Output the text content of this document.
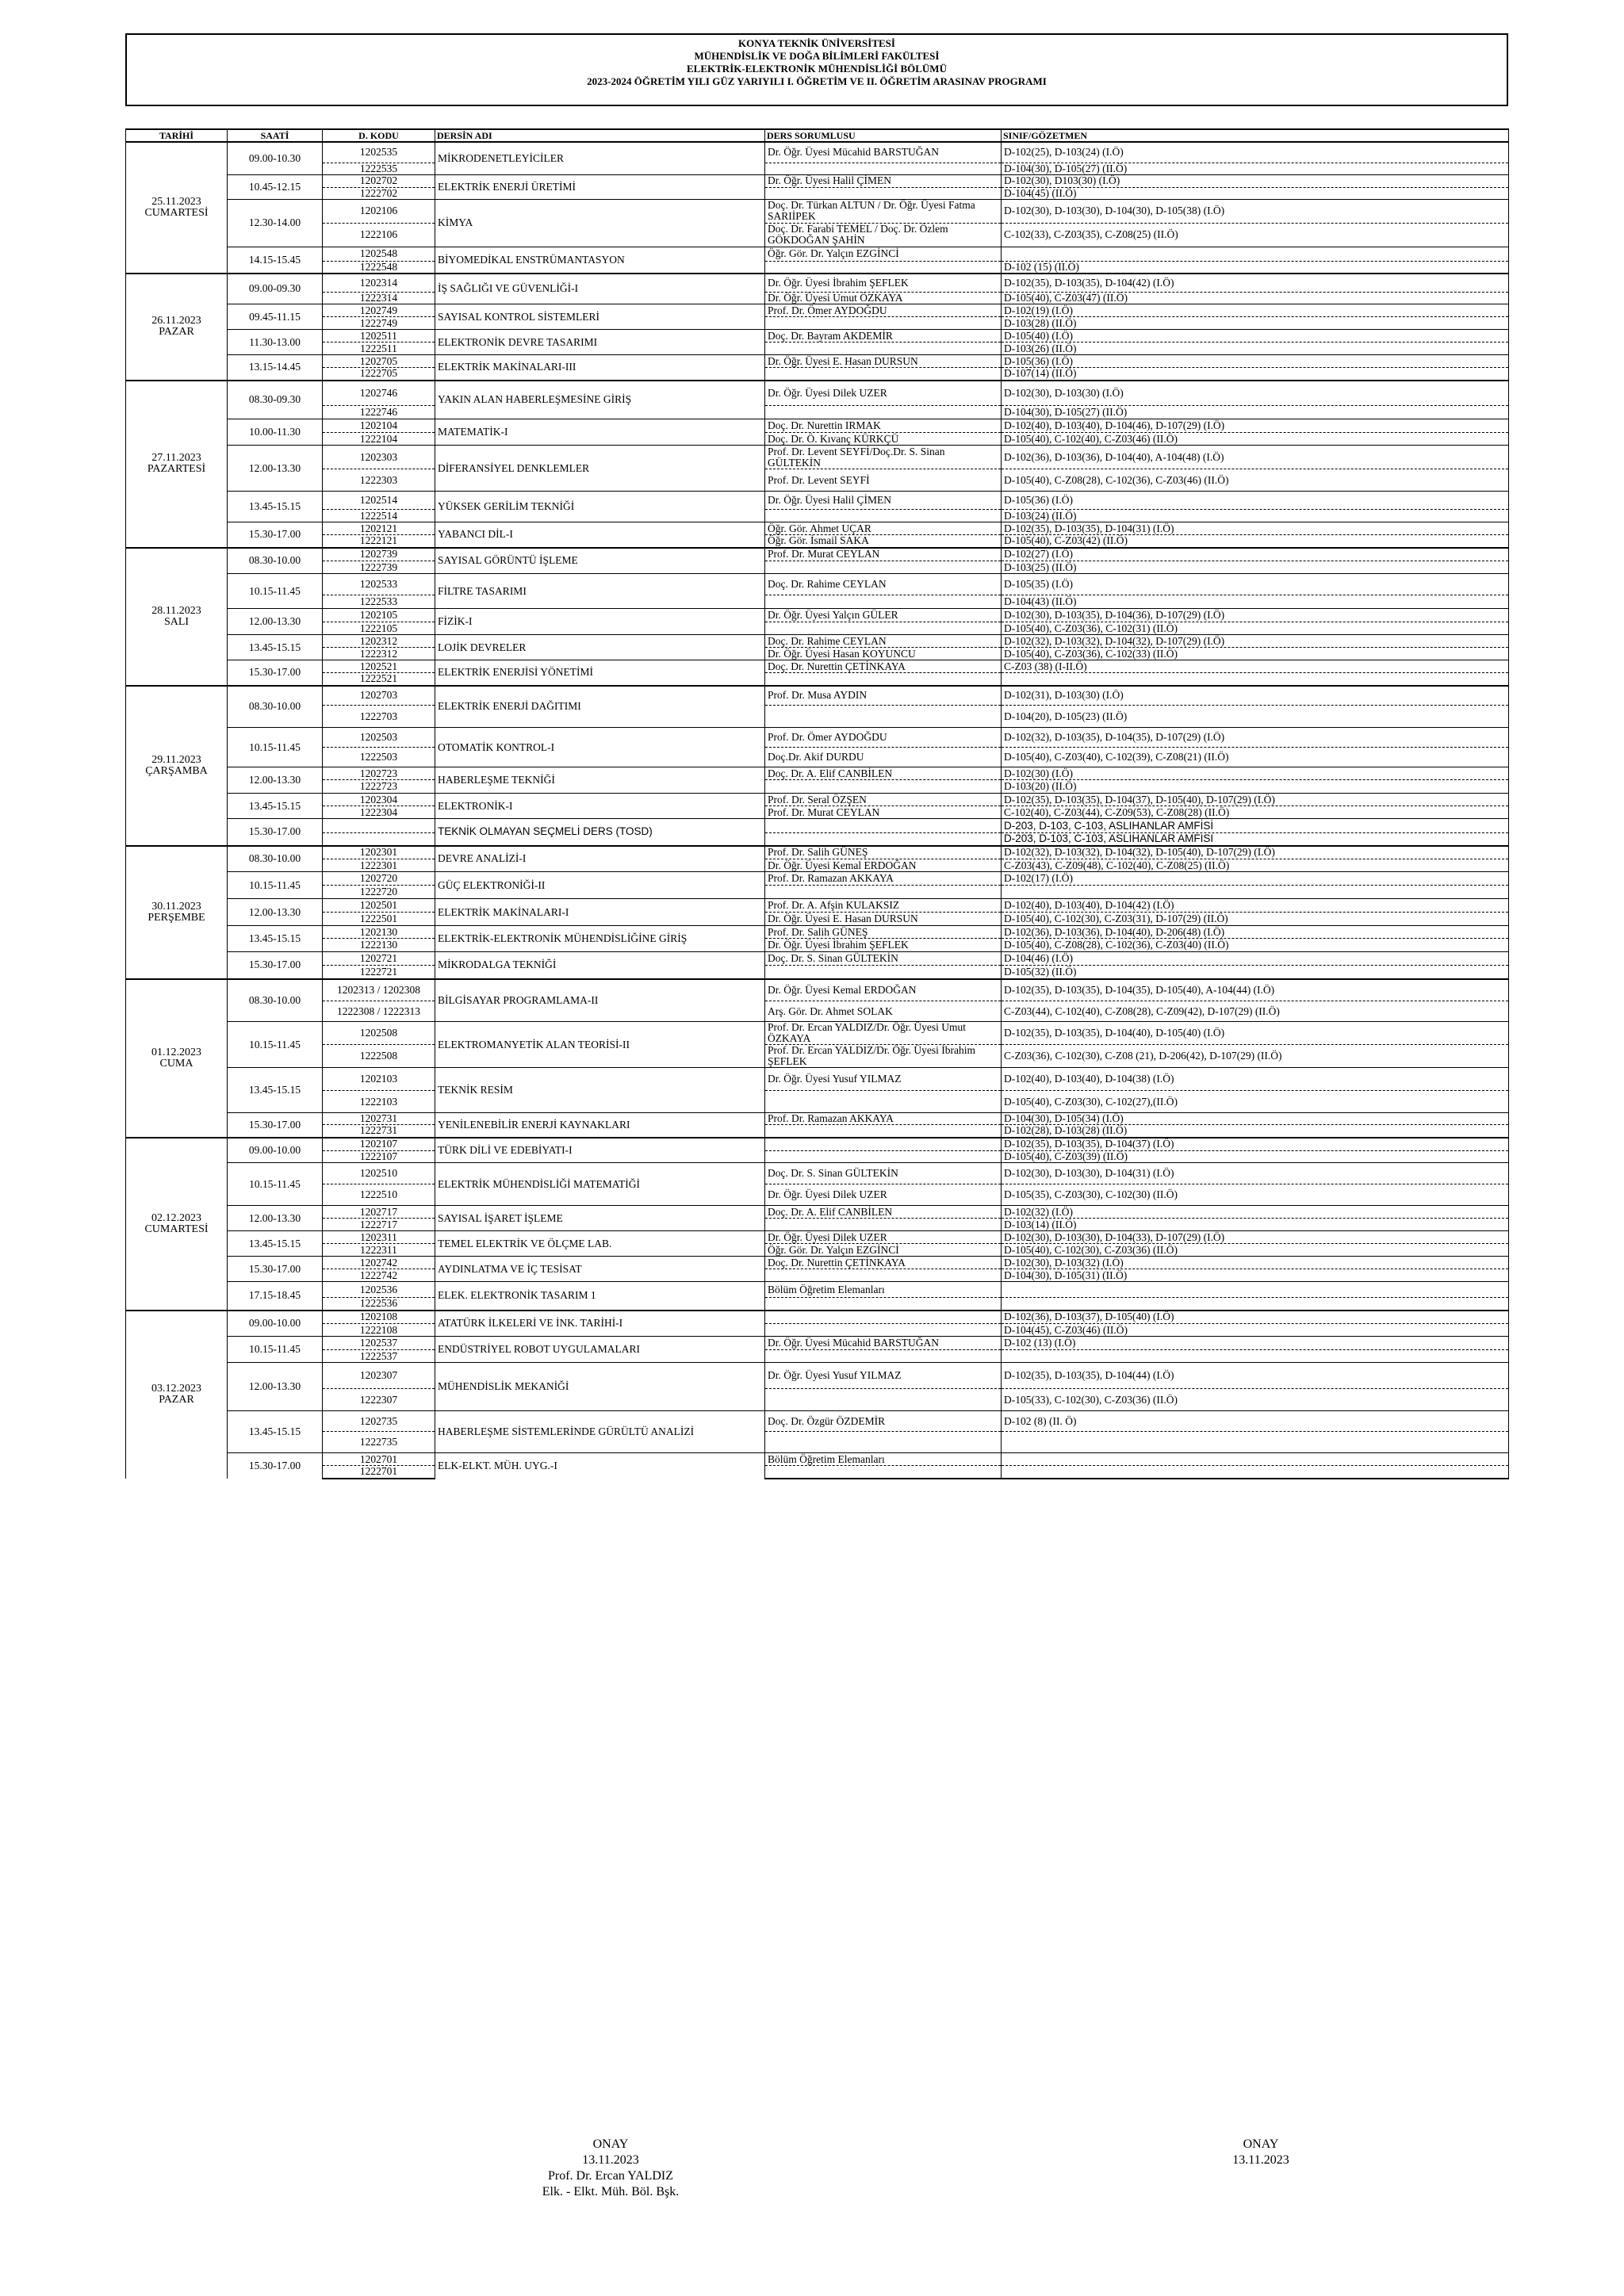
KONYA TEKNİK ÜNİVERSİTESİ
MÜHENDİSLİK VE DOĞA BİLİMLERİ FAKÜLTESİ
ELEKTRİK-ELEKTRONİK MÜHENDİSLİĞİ BÖLÜMÜ
2023-2024 ÖĞRETİM YILI GÜZ YARIYILI I. ÖĞRETİM VE II. ÖĞRETİM ARASINAV PROGRAMI
TARİHİ	SAATİ	D. KODU	DERSİN ADI	DERS SORUMLUSU	SINIF/GÖZETMEN

25.11.2023
CUMARTESİ	09.00-10.30	1202535	MİKRODENETLEYİCİLER	Dr. Öğr. Üyesi Mücahid BARSTUĞAN	D-102(25), D-103(24) (I.Ö)
		1222535			D-104(30), D-105(27) (II.Ö)
	10.45-12.15	1202702	ELEKTRİK ENERJİ ÜRETİMİ	Dr. Öğr. Üyesi Halil ÇİMEN	D-102(30), D103(30) (I.Ö)
		1222702			D-104(45) (II.Ö)
	12.30-14.00	1202106	KİMYA	Doç. Dr. Türkan ALTUN / Dr. Öğr. Üyesi Fatma SARIİPEK	D-102(30), D-103(30), D-104(30), D-105(38) (I.Ö)
		1222106		Doç. Dr. Farabi TEMEL / Doç. Dr. Özlem GÖKDOĞAN ŞAHİN	C-102(33), C-Z03(35), C-Z08(25) (II.Ö)
	14.15-15.45	1202548	BİYOMEDİKAL ENSTRÜMANTASYON	Öğr. Gör. Dr. Yalçın EZGİNCİ	
		1222548			D-102 (15) (II.Ö)

26.11.2023
PAZAR	09.00-09.30	1202314	İŞ SAĞLIĞI VE GÜVENLİĞİ-I	Dr. Öğr. Üyesi İbrahim ŞEFLEK	D-102(35), D-103(35), D-104(42) (I.Ö)
		1222314		Dr. Öğr. Üyesi Umut ÖZKAYA	D-105(40), C-Z03(47) (II.Ö)
	09.45-11.15	1202749	SAYISAL KONTROL SİSTEMLERİ	Prof. Dr. Ömer AYDOĞDU	D-102(19) (I.Ö)
		1222749			D-103(28) (II.Ö)
	11.30-13.00	1202511	ELEKTRONİK DEVRE TASARIMI	Doç. Dr. Bayram AKDEMİR	D-105(40) (I.Ö)
		1222511			D-103(26) (II.Ö)
	13.15-14.45	1202705	ELEKTRİK MAKİNALARI-III	Dr. Öğr. Üyesi E. Hasan DURSUN	D-105(36) (I.Ö)
		1222705			D-107(14) (II.Ö)

27.11.2023
PAZARTESİ	08.30-09.30	1202746	YAKIN ALAN HABERLEŞMESİNE GİRİŞ	Dr. Öğr. Üyesi Dilek UZER	D-102(30), D-103(30) (I.Ö)
		1222746			D-104(30), D-105(27) (II.Ö)
	10.00-11.30	1202104	MATEMATİK-I	Doç. Dr. Nurettin IRMAK	D-102(40), D-103(40), D-104(46), D-107(29) (I.Ö)
		1222104		Doç. Dr. Ö. Kıvanç KÜRKÇÜ	D-105(40), C-102(40), C-Z03(46) (II.Ö)
	12.00-13.30	1202303	DİFERANSİYEL DENKLEMLER	Prof. Dr. Levent SEYFİ/Doç.Dr. S. Sinan GÜLTEKİN	D-102(36), D-103(36), D-104(40), A-104(48) (I.Ö)
		1222303		Prof. Dr. Levent SEYFİ	D-105(40), C-Z08(28), C-102(36), C-Z03(46) (II.Ö)
	13.45-15.15	1202514	YÜKSEK GERİLİM TEKNİĞİ	Dr. Öğr. Üyesi Halil ÇİMEN	D-105(36) (I.Ö)
		1222514			D-103(24) (II.Ö)
	15.30-17.00	1202121	YABANCI DİL-I	Öğr. Gör. Ahmet UÇAR	D-102(35), D-103(35), D-104(31) (I.Ö)
		1222121		Öğr. Gör. İsmail SAKA	D-105(40), C-Z03(42) (II.Ö)

28.11.2023
SALI	08.30-10.00	1202739	SAYISAL GÖRÜNTÜ İŞLEME	Prof. Dr. Murat CEYLAN	D-102(27) (I.Ö)
		1222739			D-103(25) (II.Ö)
	10.15-11.45	1202533	FİLTRE TASARIMI	Doç. Dr. Rahime CEYLAN	D-105(35) (I.Ö)
		1222533			D-104(43) (II.Ö)
	12.00-13.30	1202105	FİZİK-I	Dr. Öğr. Üyesi Yalçın GÜLER	D-102(30), D-103(35), D-104(36), D-107(29) (I.Ö)
		1222105			D-105(40), C-Z03(36), C-102(31) (II.Ö)
	13.45-15.15	1202312	LOJİK DEVRELER	Doç. Dr. Rahime CEYLAN	D-102(32), D-103(32), D-104(32), D-107(29) (I.Ö)
		1222312		Dr. Öğr. Üyesi Hasan KOYUNCU	D-105(40), C-Z03(36), C-102(33) (II.Ö)
	15.30-17.00	1202521	ELEKTRİK ENERJİSİ YÖNETİMİ	Doç. Dr. Nurettin ÇETİNKAYA	C-Z03 (38) (I-II.Ö)
		1222521			

29.11.2023
ÇARŞAMBA	08.30-10.00	1202703	ELEKTRİK ENERJİ DAĞITIMI	Prof. Dr. Musa AYDIN	D-102(31), D-103(30) (I.Ö)
		1222703			D-104(20), D-105(23) (II.Ö)
	10.15-11.45	1202503	OTOMATİK KONTROL-I	Prof. Dr. Ömer AYDOĞDU	D-102(32), D-103(35), D-104(35), D-107(29) (I.Ö)
		1222503		Doç.Dr. Akif DURDU	D-105(40), C-Z03(40), C-102(39), C-Z08(21) (II.Ö)
	12.00-13.30	1202723	HABERLEŞME TEKNİĞİ	Doç. Dr. A. Elif CANBİLEN	D-102(30) (I.Ö)
		1222723			D-103(20) (II.Ö)
	13.45-15.15	1202304	ELEKTRONİK-I	Prof. Dr. Seral ÖZŞEN	D-102(35), D-103(35), D-104(37), D-105(40), D-107(29) (I.Ö)
		1222304		Prof. Dr. Murat CEYLAN	C-102(40), C-Z03(44), C-Z09(53), C-Z08(28) (II.Ö)
	15.30-17.00		TEKNİK OLMAYAN SEÇMELİ DERS (TOSD)		D-203, D-103, C-103, ASLIHANLAR AMFİSİ
					D-203, D-103, C-103, ASLIHANLAR AMFİSİ

30.11.2023
PERŞEMBE	08.30-10.00	1202301	DEVRE ANALİZİ-I	Prof. Dr. Salih GÜNEŞ	D-102(32), D-103(32), D-104(32), D-105(40), D-107(29) (I.Ö)
		1222301		Dr. Öğr. Üyesi Kemal ERDOĞAN	C-Z03(43), C-Z09(48), C-102(40), C-Z08(25) (II.Ö)
	10.15-11.45	1202720	GÜÇ ELEKTRONİĞİ-II	Prof. Dr. Ramazan AKKAYA	D-102(17) (I.Ö)
		1222720			
	12.00-13.30	1202501	ELEKTRİK MAKİNALARI-I	Prof. Dr. A. Afşin KULAKSIZ	D-102(40), D-103(40), D-104(42) (I.Ö)
		1222501		Dr. Öğr. Üyesi E. Hasan DURSUN	D-105(40), C-102(30), C-Z03(31), D-107(29) (II.Ö)
	13.45-15.15	1202130	ELEKTRİK-ELEKTRONİK MÜHENDİSLİĞİNE GİRİŞ	Prof. Dr. Salih GÜNEŞ	D-102(36), D-103(36), D-104(40), D-206(48) (I.Ö)
		1222130		Dr. Öğr. Üyesi İbrahim ŞEFLEK	D-105(40), C-Z08(28), C-102(36), C-Z03(40) (II.Ö)
	15.30-17.00	1202721	MİKRODALGA TEKNİĞİ	Doç. Dr. S. Sinan GÜLTEKİN	D-104(46) (I.Ö)
		1222721			D-105(32) (II.Ö)

01.12.2023
CUMA	08.30-10.00	1202313 / 1202308	BİLGİSAYAR PROGRAMLAMA-II	Dr. Öğr. Üyesi Kemal ERDOĞAN	D-102(35), D-103(35), D-104(35), D-105(40), A-104(44) (I.Ö)
		1222308 / 1222313		Arş. Gör. Dr. Ahmet SOLAK	C-Z03(44), C-102(40), C-Z08(28), C-Z09(42), D-107(29) (II.Ö)
	10.15-11.45	1202508	ELEKTROMANYETİK ALAN TEORİSİ-II	Prof. Dr. Ercan YALDIZ/Dr. Öğr. Üyesi Umut ÖZKAYA	D-102(35), D-103(35), D-104(40), D-105(40) (I.Ö)
		1222508		Prof. Dr. Ercan YALDIZ/Dr. Öğr. Üyesi İbrahim ŞEFLEK	C-Z03(36), C-102(30), C-Z08 (21), D-206(42), D-107(29) (II.Ö)
	13.45-15.15	1202103	TEKNİK RESİM	Dr. Öğr. Üyesi Yusuf YILMAZ	D-102(40), D-103(40), D-104(38) (I.Ö)
		1222103			D-105(40), C-Z03(30), C-102(27),(II.Ö)
	15.30-17.00	1202731	YENİLENEBİLİR ENERJİ KAYNAKLARI	Prof. Dr. Ramazan AKKAYA	D-104(30), D-105(34) (I.Ö)
		1222731			D-102(28), D-103(28) (II.Ö)

02.12.2023
CUMARTESİ	09.00-10.00	1202107	TÜRK DİLİ VE EDEBİYATI-I		D-102(35), D-103(35), D-104(37) (I.Ö)
		1222107			D-105(40), C-Z03(39) (II.Ö)
	10.15-11.45	1202510	ELEKTRİK MÜHENDİSLİĞİ MATEMATİĞİ	Doç. Dr. S. Sinan GÜLTEKİN	D-102(30), D-103(30), D-104(31) (I.Ö)
		1222510		Dr. Öğr. Üyesi Dilek UZER	D-105(35), C-Z03(30), C-102(30) (II.Ö)
	12.00-13.30	1202717	SAYISAL İŞARET İŞLEME	Doç. Dr. A. Elif CANBİLEN	D-102(32) (I.Ö)
		1222717			D-103(14) (II.Ö)
	13.45-15.15	1202311	TEMEL ELEKTRİK VE ÖLÇME LAB.	Dr. Öğr. Üyesi Dilek UZER	D-102(30), D-103(30), D-104(33), D-107(29) (I.Ö)
		1222311		Öğr. Gör. Dr. Yalçın EZGİNCİ	D-105(40), C-102(30), C-Z03(36) (II.Ö)
	15.30-17.00	1202742	AYDINLATMA VE İÇ TESİSAT	Doç. Dr. Nurettin ÇETİNKAYA	D-102(30), D-103(32) (I.Ö)
		1222742			D-104(30), D-105(31) (II.Ö)
	17.15-18.45	1202536	ELEK. ELEKTRONİK TASARIM 1	Bölüm Öğretim Elemanları	
		1222536			

03.12.2023
PAZAR	09.00-10.00	1202108	ATATÜRK İLKELERİ VE İNK. TARİHİ-I		D-102(36), D-103(37), D-105(40) (I.Ö)
		1222108			D-104(45), C-Z03(46) (II.Ö)
	10.15-11.45	1202537	ENDÜSTRİYEL ROBOT UYGULAMALARI	Dr. Öğr. Üyesi Mücahid BARSTUĞAN	D-102 (13) (I.Ö)
		1222537			
	12.00-13.30	1202307	MÜHENDİSLİK MEKANİĞİ	Dr. Öğr. Üyesi Yusuf YILMAZ	D-102(35), D-103(35), D-104(44) (I.Ö)
		1222307			D-105(33), C-102(30), C-Z03(36) (II.Ö)
	13.45-15.15	1202735	HABERLEŞME SİSTEMLERİNDE GÜRÜLTÜ ANALİZİ	Doç. Dr. Özgür ÖZDEMİR	D-102 (8) (II. Ö)
		1222735			
	15.30-17.00	1202701	ELK-ELKT. MÜH. UYG.-I	Bölüm Öğretim Elemanları	
		1222701			
ONAY
13.11.2023
Prof. Dr. Ercan YALDIZ
Elk. - Elkt. Müh. Böl. Bşk.
ONAY
13.11.2023
